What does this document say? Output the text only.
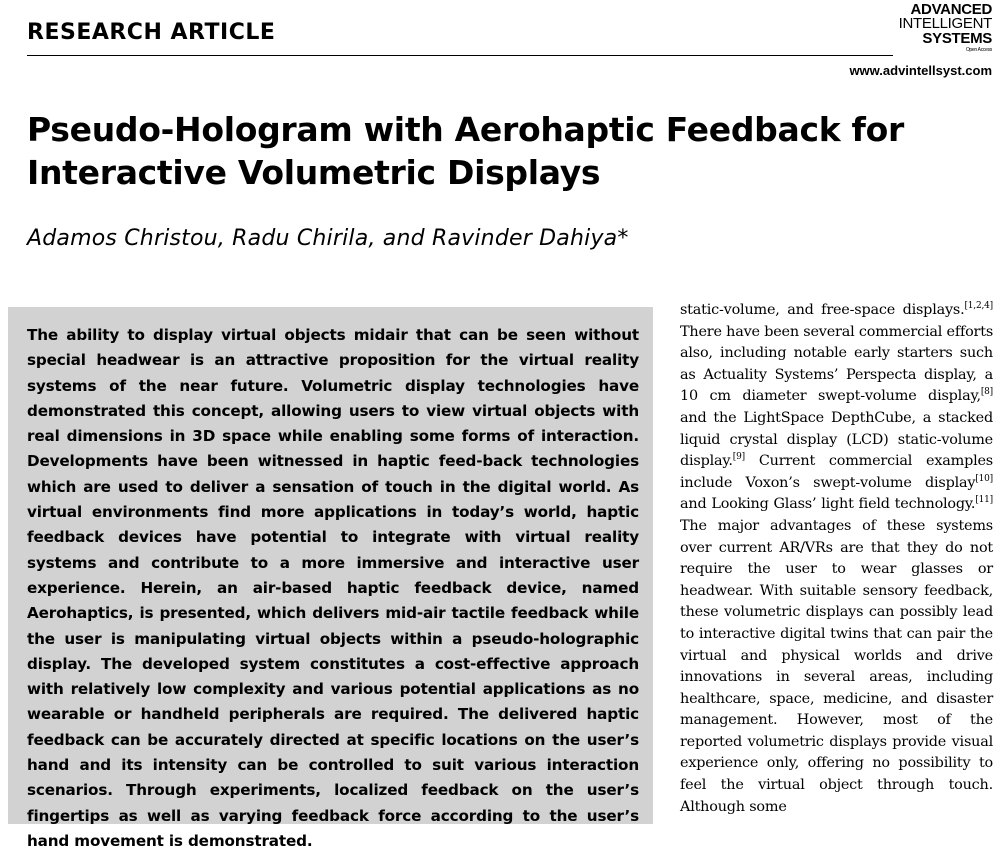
RESEARCH ARTICLE
ADVANCED
INTELLIGENT
SYSTEMS
Open Access
www.advintellsyst.com
Pseudo-Hologram with Aerohaptic Feedback for Interactive Volumetric Displays

Adamos Christou, Radu Chirila, and Ravinder Dahiya*

The ability to display virtual objects midair that can be seen without special headwear is an attractive proposition for the virtual reality systems of the near future. Volumetric display technologies have demonstrated this concept, allowing users to view virtual objects with real dimensions in 3D space while enabling some forms of interaction. Developments have been witnessed in haptic feed-back technologies which are used to deliver a sensation of touch in the digital world. As virtual environments find more applications in today’s world, haptic feedback devices have potential to integrate with virtual reality systems and contribute to a more immersive and interactive user experience. Herein, an air-based haptic feedback device, named Aerohaptics, is presented, which delivers mid-air tactile feedback while the user is manipulating virtual objects within a pseudo-holographic display. The developed system constitutes a cost-effective approach with relatively low complexity and various potential applications as no wearable or handheld peripherals are required. The delivered haptic feedback can be accurately directed at specific locations on the user’s hand and its intensity can be controlled to suit various interaction scenarios. Through experiments, localized feedback on the user’s fingertips as well as varying feedback force according to the user’s hand movement is demonstrated.

static-volume, and free-space displays.[1,2,4] There have been several commercial efforts also, including notable early starters such as Actuality Systems’ Perspecta display, a 10 cm diameter swept-volume display,[8] and the LightSpace DepthCube, a stacked liquid crystal display (LCD) static-volume display.[9] Current commercial examples include Voxon’s swept-volume display[10] and Looking Glass’ light field technology.[11] The major advantages of these systems over current AR/VRs are that they do not require the user to wear glasses or headwear. With suitable sensory feedback, these volumetric displays can possibly lead to interactive digital twins that can pair the virtual and physical worlds and drive innovations in several areas, including healthcare, space, medicine, and disaster management. However, most of the reported volumetric displays provide visual experience only, offering no possibility to feel the virtual object through touch. Although some
